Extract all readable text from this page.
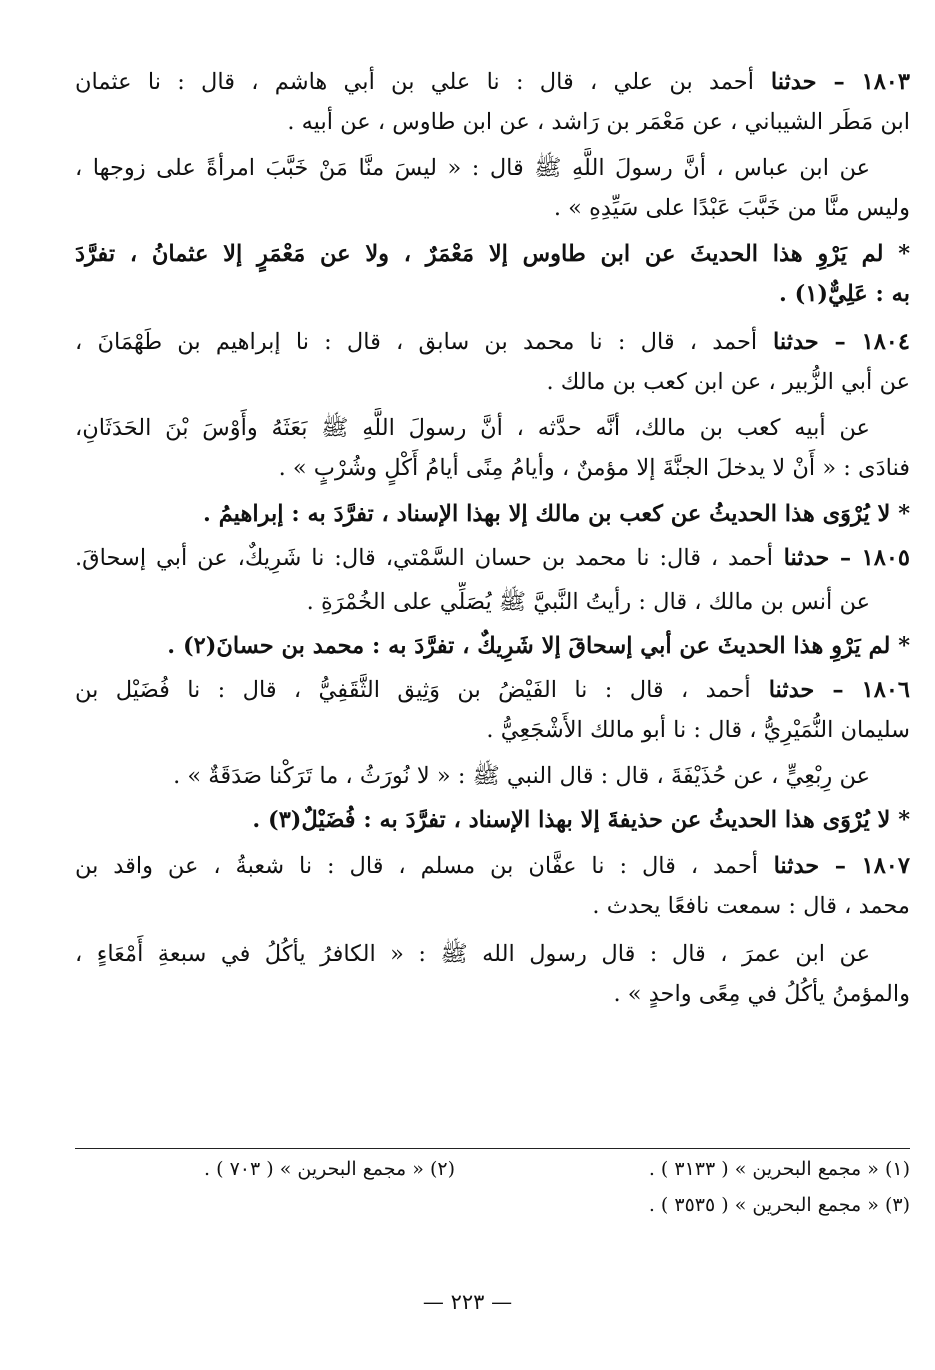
١٨٠٣ – حدثنا أحمد بن علي ، قال : نا علي بن أبي هاشم ، قال : نا عثمان
ابن مَطَر الشيباني ، عن مَعْمَر بن رَاشد ، عن ابن طاوس ، عن أبيه .
عن ابن عباس ، أنَّ رسولَ اللَّهِ ﷺ قال : « ليسَ منَّا مَنْ خَبَّبَ امرأةً على زوجها ،
وليس منَّا من خَبَّبَ عَبْدًا على سَيِّدِهِ » .
* لم يَرْوِ هذا الحديثَ عن ابن طاوس إلا مَعْمَرٌ ، ولا عن مَعْمَرٍ إلا عثمانُ ، تفرَّدَ
به : عَلِيٌّ(١) .
١٨٠٤ – حدثنا أحمد ، قال : نا محمد بن سابق ، قال : نا إبراهيم بن طَهْمَانَ ،
عن أبي الزُّبير ، عن ابن كعب بن مالك .
عن أبيه كعب بن مالك، أنَّه حدَّثه ، أنَّ رسولَ اللَّهِ ﷺ بَعَثَهُ وأَوْسَ بْنَ الحَدَثَانِ،
فنادَى : « أَنْ لا يدخلَ الجنَّةَ إلا مؤمنٌ ، وأيامُ مِنًى أيامُ أَكْلٍ وشُرْبٍ » .
* لا يُرْوَى هذا الحديثُ عن كعب بن مالك إلا بهذا الإسناد ، تفرَّدَ به : إبراهيمُ .
١٨٠٥ – حدثنا أحمد ، قال: نا محمد بن حسان السَّمْتي، قال: نا شَرِيكٌ، عن أبي إسحاقَ.
عن أنس بن مالك ، قال : رأيتُ النَّبيَّ ﷺ يُصَلِّي على الخُمْرَةِ .
* لم يَرْوِ هذا الحديثَ عن أبي إسحاقَ إلا شَرِيكٌ ، تفرَّدَ به : محمد بن حسانَ(٢) .
١٨٠٦ – حدثنا أحمد ، قال : نا الفَيْضُ بن وَثِيق الثَّقَفِيُّ ، قال : نا فُضَيْل بن
سليمان النُّمَيْرِيُّ ، قال : نا أبو مالك الأَشْجَعِيُّ .
عن رِبْعِيٍّ ، عن حُذَيْفَةَ ، قال : قال النبي ﷺ : « لا نُورَثُ ، ما تَرَكْنا صَدَقَةٌ » .
* لا يُرْوَى هذا الحديثُ عن حذيفةَ إلا بهذا الإسناد ، تفرَّدَ به : فُضَيْلٌ(٣) .
١٨٠٧ – حدثنا أحمد ، قال : نا عفَّان بن مسلم ، قال : نا شعبةُ ، عن واقد بن
محمد ، قال : سمعت نافعًا يحدث .
عن ابن عمرَ ، قال : قال رسول الله ﷺ : « الكافرُ يأكُلُ في سبعةِ أَمْعَاءٍ ،
والمؤمنُ يأكُلُ في مِعًى واحدٍ » .
(١) « مجمع البحرين » ( ٣١٣٣ ) .
(٢) « مجمع البحرين » ( ٧٠٣ ) .
(٣) « مجمع البحرين » ( ٣٥٣٥ ) .
— ٢٢٣ —
